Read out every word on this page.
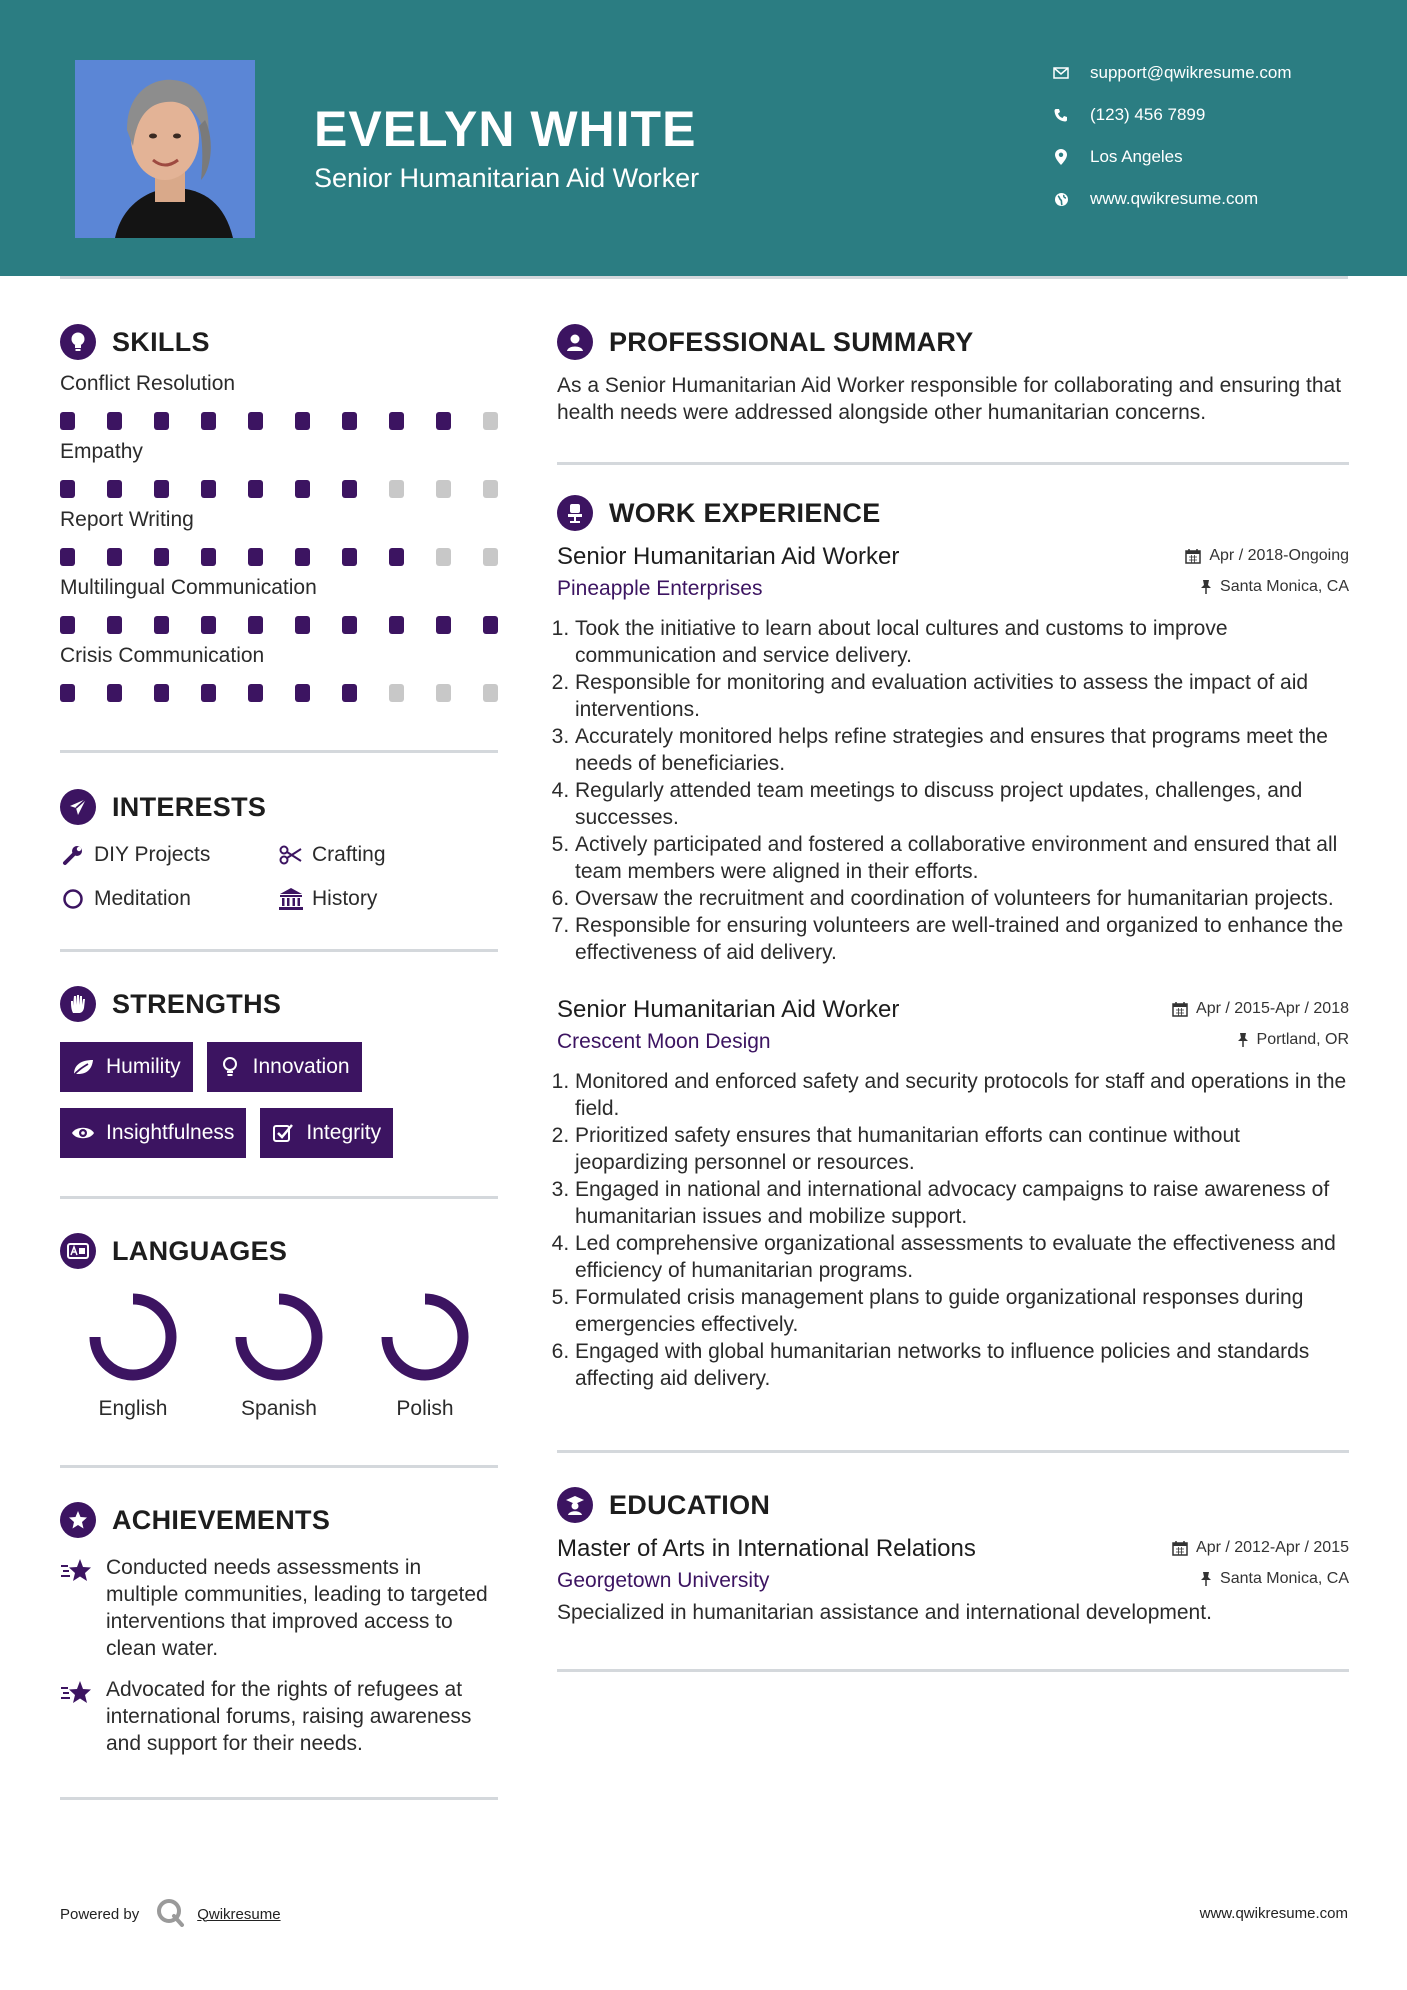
EVELYN WHITE
Senior Humanitarian Aid Worker
support@qwikresume.com
(123) 456 7899
Los Angeles
www.qwikresume.com
SKILLS
Conflict Resolution
Empathy
Report Writing
Multilingual Communication
Crisis Communication
INTERESTS
DIY Projects	Crafting
Meditation	History
STRENGTHS
Humility	Innovation
Insightfulness	Integrity
LANGUAGES
English	Spanish	Polish
ACHIEVEMENTS
Conducted needs assessments in multiple communities, leading to targeted interventions that improved access to clean water.
Advocated for the rights of refugees at international forums, raising awareness and support for their needs.
PROFESSIONAL SUMMARY
As a Senior Humanitarian Aid Worker responsible for collaborating and ensuring that health needs were addressed alongside other humanitarian concerns.
WORK EXPERIENCE
Senior Humanitarian Aid Worker	Apr / 2018-Ongoing
Pineapple Enterprises	Santa Monica, CA
1. Took the initiative to learn about local cultures and customs to improve communication and service delivery.
2. Responsible for monitoring and evaluation activities to assess the impact of aid interventions.
3. Accurately monitored helps refine strategies and ensures that programs meet the needs of beneficiaries.
4. Regularly attended team meetings to discuss project updates, challenges, and successes.
5. Actively participated and fostered a collaborative environment and ensured that all team members were aligned in their efforts.
6. Oversaw the recruitment and coordination of volunteers for humanitarian projects.
7. Responsible for ensuring volunteers are well-trained and organized to enhance the effectiveness of aid delivery.
Senior Humanitarian Aid Worker	Apr / 2015-Apr / 2018
Crescent Moon Design	Portland, OR
1. Monitored and enforced safety and security protocols for staff and operations in the field.
2. Prioritized safety ensures that humanitarian efforts can continue without jeopardizing personnel or resources.
3. Engaged in national and international advocacy campaigns to raise awareness of humanitarian issues and mobilize support.
4. Led comprehensive organizational assessments to evaluate the effectiveness and efficiency of humanitarian programs.
5. Formulated crisis management plans to guide organizational responses during emergencies effectively.
6. Engaged with global humanitarian networks to influence policies and standards affecting aid delivery.
EDUCATION
Master of Arts in International Relations	Apr / 2012-Apr / 2015
Georgetown University	Santa Monica, CA
Specialized in humanitarian assistance and international development.
Powered by	Qwikresume	www.qwikresume.com
